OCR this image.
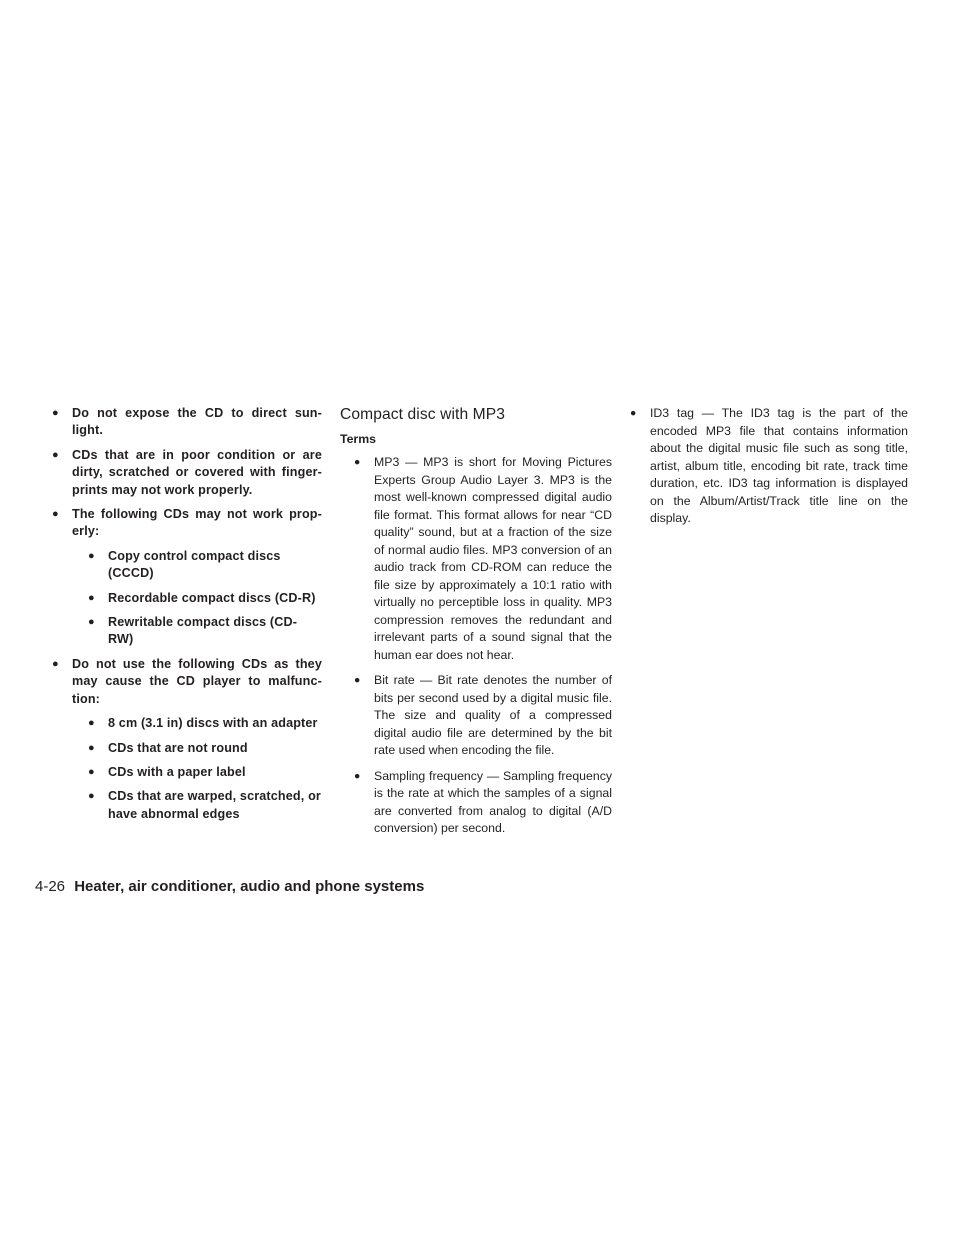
● Do not expose the CD to direct sun-light.
● CDs that are in poor condition or are dirty, scratched or covered with finger-prints may not work properly.
● The following CDs may not work prop-erly:
● Copy control compact discs (CCCD)
● Recordable compact discs (CD-R)
● Rewritable compact discs (CD-RW)
● Do not use the following CDs as they may cause the CD player to malfunc-tion:
● 8 cm (3.1 in) discs with an adapter
● CDs that are not round
● CDs with a paper label
● CDs that are warped, scratched, or have abnormal edges
Compact disc with MP3

Terms

● MP3 — MP3 is short for Moving Pictures Experts Group Audio Layer 3. MP3 is the most well-known compressed digital audio file format. This format allows for near “CD quality” sound, but at a fraction of the size of normal audio files. MP3 conversion of an audio track from CD-ROM can reduce the file size by approximately a 10:1 ratio with virtually no perceptible loss in quality. MP3 compression removes the redundant and irrelevant parts of a sound signal that the human ear does not hear.
● Bit rate — Bit rate denotes the number of bits per second used by a digital music file. The size and quality of a compressed digital audio file are determined by the bit rate used when encoding the file.
● Sampling frequency — Sampling frequency is the rate at which the samples of a signal are converted from analog to digital (A/D conversion) per second.
● ID3 tag — The ID3 tag is the part of the encoded MP3 file that contains information about the digital music file such as song title, artist, album title, encoding bit rate, track time duration, etc. ID3 tag information is displayed on the Album/Artist/Track title line on the display.
4-26 Heater, air conditioner, audio and phone systems
